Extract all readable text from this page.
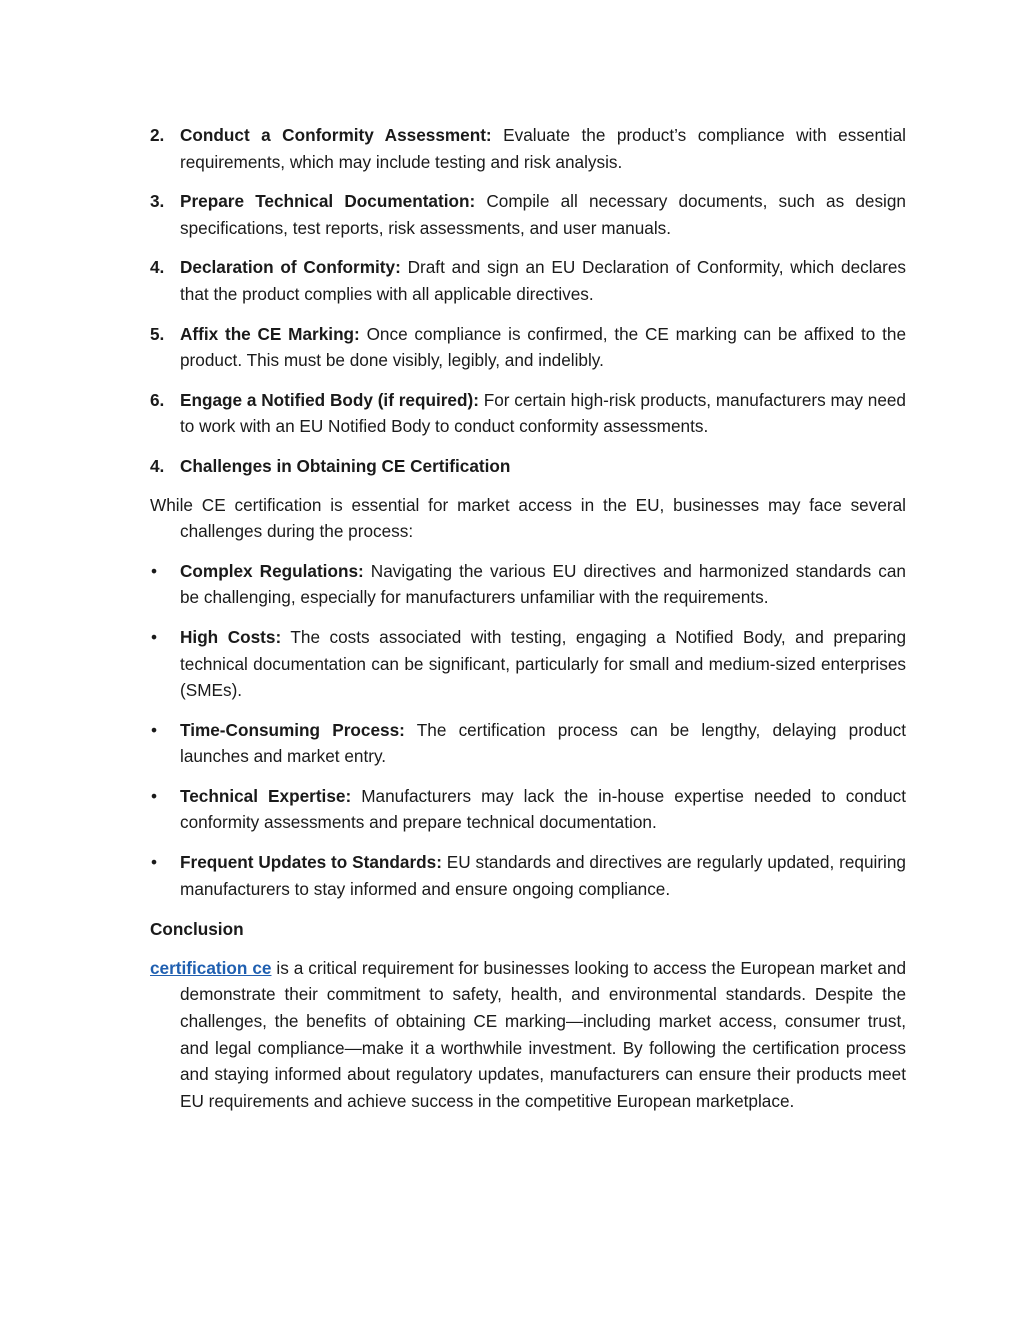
2. Conduct a Conformity Assessment: Evaluate the product’s compliance with essential requirements, which may include testing and risk analysis.
3. Prepare Technical Documentation: Compile all necessary documents, such as design specifications, test reports, risk assessments, and user manuals.
4. Declaration of Conformity: Draft and sign an EU Declaration of Conformity, which declares that the product complies with all applicable directives.
5. Affix the CE Marking: Once compliance is confirmed, the CE marking can be affixed to the product. This must be done visibly, legibly, and indelibly.
6. Engage a Notified Body (if required): For certain high-risk products, manufacturers may need to work with an EU Notified Body to conduct conformity assessments.
4. Challenges in Obtaining CE Certification
While CE certification is essential for market access in the EU, businesses may face several challenges during the process:
• Complex Regulations: Navigating the various EU directives and harmonized standards can be challenging, especially for manufacturers unfamiliar with the requirements.
• High Costs: The costs associated with testing, engaging a Notified Body, and preparing technical documentation can be significant, particularly for small and medium-sized enterprises (SMEs).
• Time-Consuming Process: The certification process can be lengthy, delaying product launches and market entry.
• Technical Expertise: Manufacturers may lack the in-house expertise needed to conduct conformity assessments and prepare technical documentation.
• Frequent Updates to Standards: EU standards and directives are regularly updated, requiring manufacturers to stay informed and ensure ongoing compliance.
Conclusion
certification ce is a critical requirement for businesses looking to access the European market and demonstrate their commitment to safety, health, and environmental standards. Despite the challenges, the benefits of obtaining CE marking—including market access, consumer trust, and legal compliance—make it a worthwhile investment. By following the certification process and staying informed about regulatory updates, manufacturers can ensure their products meet EU requirements and achieve success in the competitive European marketplace.
